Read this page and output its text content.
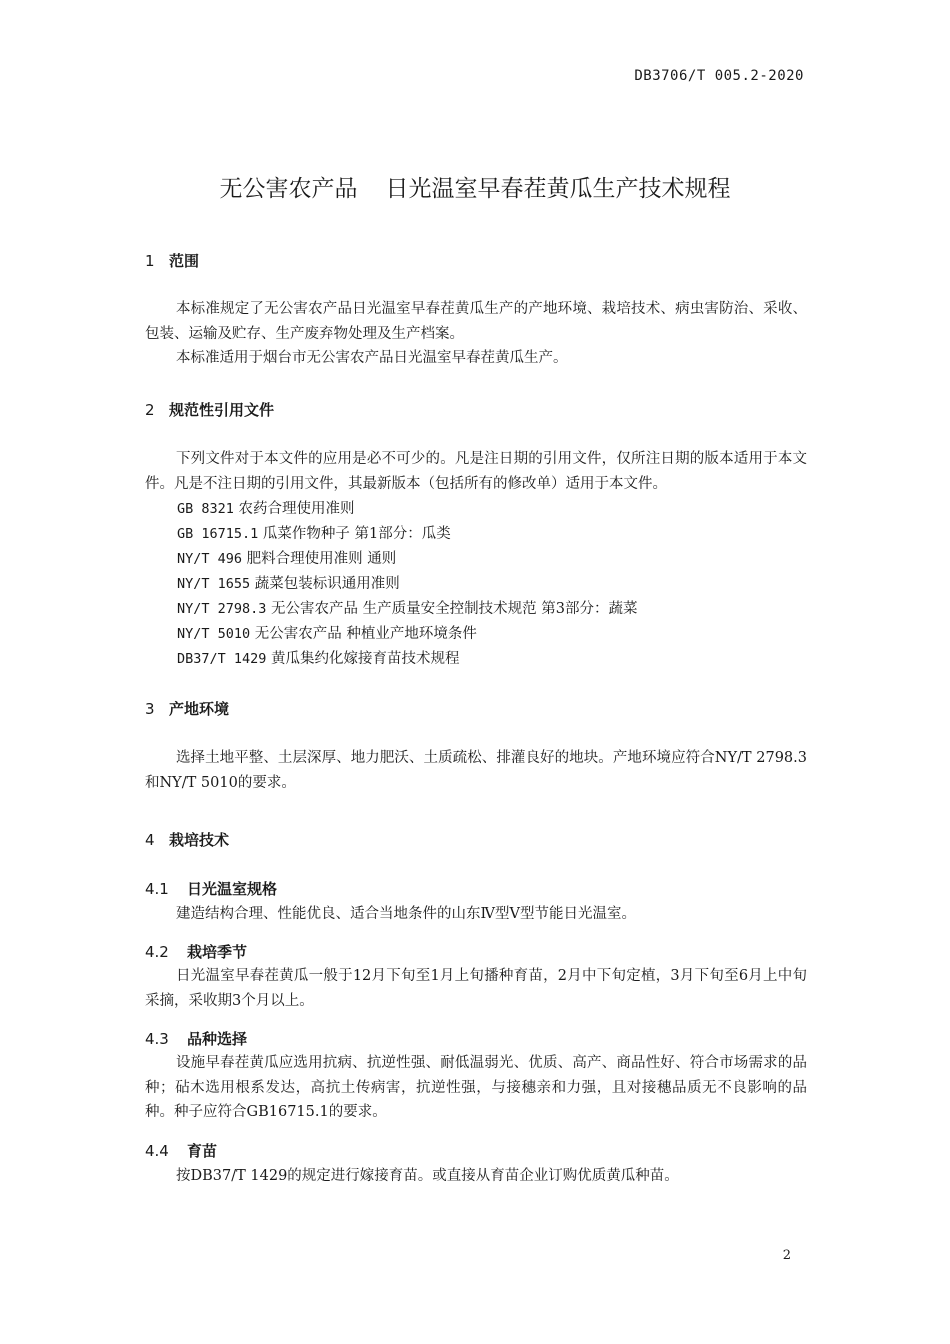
DB3706/T 005.2-2020
无公害农产品 日光温室早春茬黄瓜生产技术规程
1 范围
本标准规定了无公害农产品日光温室早春茬黄瓜生产的产地环境、栽培技术、病虫害防治、采收、包装、运输及贮存、生产废弃物处理及生产档案。
本标准适用于烟台市无公害农产品日光温室早春茬黄瓜生产。
2 规范性引用文件
下列文件对于本文件的应用是必不可少的。凡是注日期的引用文件，仅所注日期的版本适用于本文件。凡是不注日期的引用文件，其最新版本（包括所有的修改单）适用于本文件。
GB 8321 农药合理使用准则
GB 16715.1 瓜菜作物种子 第1部分：瓜类
NY/T 496 肥料合理使用准则 通则
NY/T 1655 蔬菜包装标识通用准则
NY/T 2798.3 无公害农产品 生产质量安全控制技术规范 第3部分：蔬菜
NY/T 5010 无公害农产品 种植业产地环境条件
DB37/T 1429 黄瓜集约化嫁接育苗技术规程
3 产地环境
选择土地平整、土层深厚、地力肥沃、土质疏松、排灌良好的地块。产地环境应符合NY/T 2798.3和NY/T 5010的要求。
4 栽培技术
4.1 日光温室规格
建造结构合理、性能优良、适合当地条件的山东Ⅳ型Ⅴ型节能日光温室。
4.2 栽培季节
日光温室早春茬黄瓜一般于12月下旬至1月上旬播种育苗，2月中下旬定植，3月下旬至6月上中旬采摘，采收期3个月以上。
4.3 品种选择
设施早春茬黄瓜应选用抗病、抗逆性强、耐低温弱光、优质、高产、商品性好、符合市场需求的品种；砧木选用根系发达，高抗土传病害，抗逆性强，与接穗亲和力强，且对接穗品质无不良影响的品种。种子应符合GB16715.1的要求。
4.4 育苗
按DB37/T 1429的规定进行嫁接育苗。或直接从育苗企业订购优质黄瓜种苗。
2
